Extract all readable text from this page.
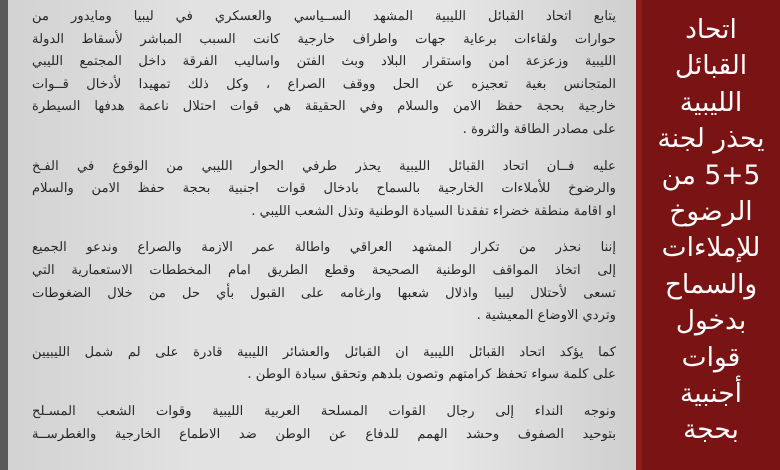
يتابع اتحاد القبائل الليبية المشهد الســياسي والعسكري في ليبيا ومايدور من
حوارات ولقاءات برعاية جهات واطراف خارجية كانت السبب المباشر لأسقاط الدولة
الليبية وزعزعة امن واستقرار البلاد وبث الفتن واساليب الفرقة داخل المجتمع الليبي
المتجانس بغية تعجيزه عن الحل ووقف الصراع ، وكل ذلك تمهيدا لأدخال قــوات
خارجية بحجة حفظ الامن والسلام وفي الحقيقة هي قوات احتلال ناعمة هدفها السيطرة
على مصادر الطاقة والثروة .

عليه فــان اتحاد القبائل الليبية يحذر طرفي الحوار الليبي من الوقوع في الفـخ
والرضوخ للأملاءات الخارجية بالسماح بادخال قوات اجنبية بحجة حفظ الامن والسلام
او اقامة منطقة خضراء تفقدنا السيادة الوطنية وتذل الشعب الليبي .

إننا نحذر من تكرار المشهد العراقي واطالة عمر الازمة والصراع وندعو الجميع
إلى اتخاذ المواقف الوطنية الصحيحة وقطع الطريق امام المخططات الاستعمارية التي
تسعى لأحتلال ليبيا واذلال شعبها وارغامه على القبول بأي حل من خلال الضغوطات
وتردي الاوضاع المعيشية .

كما يؤكد اتحاد القبائل الليبية ان القبائل والعشائر الليبية قادرة على لم شمل الليبيين
على كلمة سواء تحفظ كرامتهم وتصون بلدهم وتحقق سيادة الوطن .

ونوجه النداء إلى رجال القوات المسلحة العربية الليبية وقوات الشعب المسـلح
بتوحيد الصفوف وحشد الهمم للدفاع عن الوطن ضد الاطماع الخارجية والغطرســة

اتحاد
القبائل
الليبية
يحذر لجنة
5+5 من
الرضوخ
للإملاءات
والسماح
بدخول
قوات
أجنبية
بحجة
